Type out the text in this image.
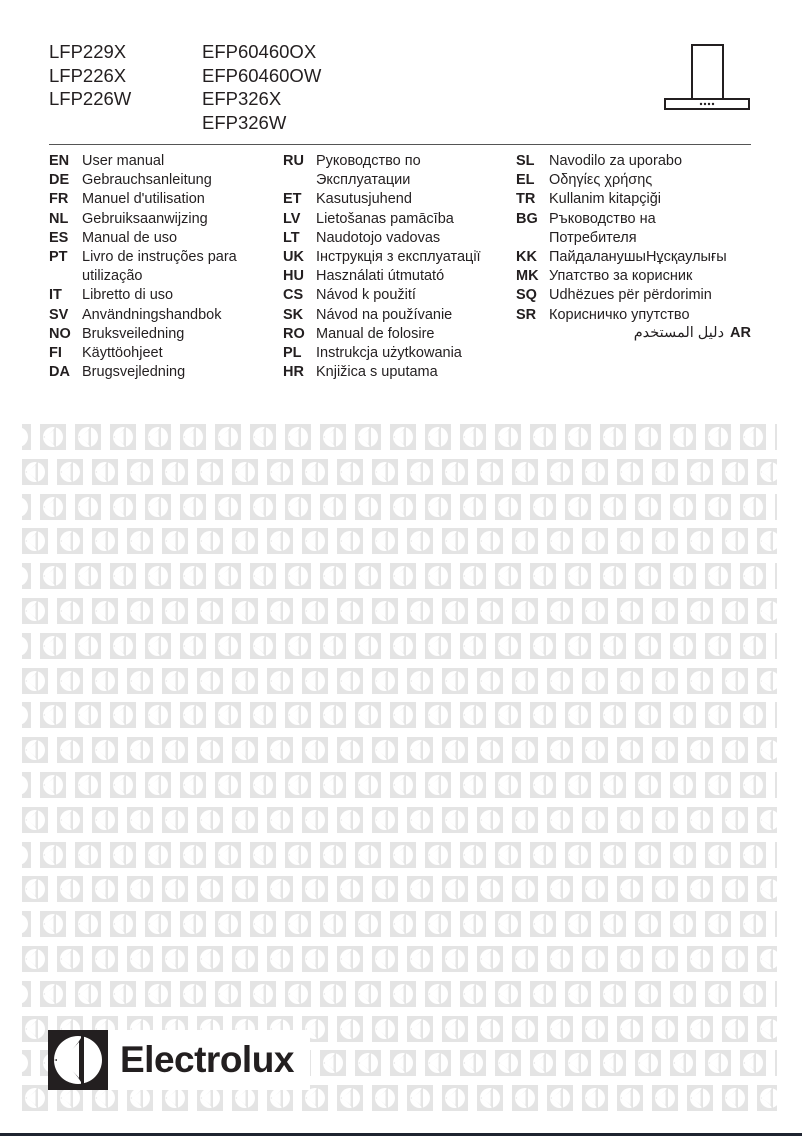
LFP229X
LFP226X
LFP226W
EFP60460OX
EFP60460OW
EFP326X
EFP326W
EN User manual
DE Gebrauchsanleitung
FR Manuel d'utilisation
NL Gebruiksaanwijzing
ES Manual de uso
PT Livro de instruções para
utilização
IT	Libretto di uso
SV Användningshandbok
NO Bruksveiledning
FI	Käyttöohjeet
DA Brugsvejledning
RU Руководство по
Эксплуатации
ET Kasutusjuhend
LV	Lietošanas pamācība
LT	Naudotojo vadovas
UK Інструкція з експлуатації
HU Használati útmutató
CS Návod k použití
SK Návod na používanie
RO Manual de folosire
PL Instrukcja użytkowania
HR Knjižica s uputama
SL Navodilo za uporabo
EL Οδηγίες χρήσης
TR Kullanim kitapçiği
BG Ръководство на
Потребителя
KK ПайдаланушыНұсқаулығы
MK Упатство за корисник
SQ Udhëzues për përdorimin
SR Корисничко упутство
دليل المستخدم AR
Electrolux
